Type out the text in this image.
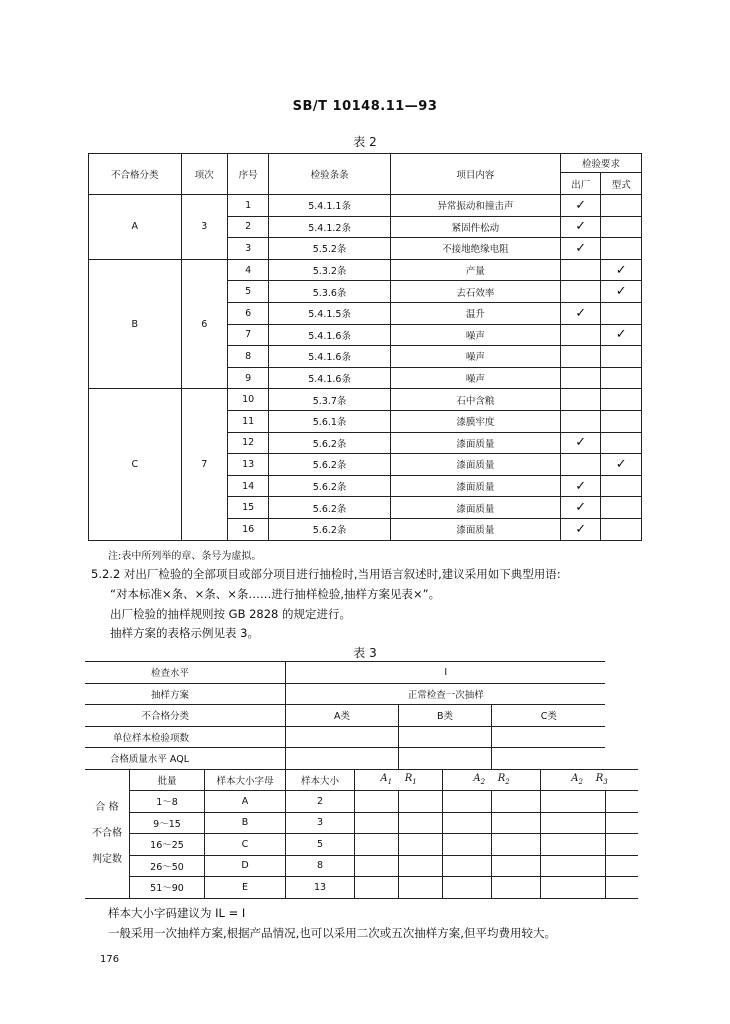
SB/T 10148.11—93
表 2
不合格分类	项次	序号	检验条条	项目内容	检验要求	
					出厂	型式
A	3	1	5.4.1.1条	异常振动和撞击声	✓	
		2	5.4.1.2条	紧固件松动	✓	
		3	5.5.2条	不接地绝缘电阻	✓	
B	6	4	5.3.2条	产量		✓
		5	5.3.6条	去石效率		✓
		6	5.4.1.5条	温升	✓	
		7	5.4.1.6条	噪声		✓
		8	5.4.1.6条	噪声		
		9	5.4.1.6条	噪声		
C	7	10	5.3.7条	石中含粮		
		11	5.6.1条	漆膜牢度		
		12	5.6.2条	漆面质量	✓	
		13	5.6.2条	漆面质量		✓
		14	5.6.2条	漆面质量	✓	
		15	5.6.2条	漆面质量	✓	
		16	5.6.2条	漆面质量	✓	
注:表中所列举的章、条号为虚拟。
5.2.2 对出厂检验的全部项目或部分项目进行抽检时,当用语言叙述时,建议采用如下典型用语:
“对本标准×条、×条、×条……进行抽样检验,抽样方案见表×”。
出厂检验的抽样规则按 GB 2828 的规定进行。
抽样方案的表格示例见表 3。
表 3
检查水平			I						
抽样方案			正常检查一次抽样						
不合格分类			A类		B类		C类		
单位样本检验项数									
合格质量水平 AQL									

合 格
不合格
判定数	批量	样本大小字母	样本大小	$A_1$ $R_1$		$A_2$ $R_2$		$A_2$ $R_3$
	1～8	A	2						
	9～15	B	3						
	16～25	C	5						
	26～50	D	8						
	51～90	E	13						
样本大小字码建议为 IL = Ⅰ
一般采用一次抽样方案,根据产品情况,也可以采用二次或五次抽样方案,但平均费用较大。
176
